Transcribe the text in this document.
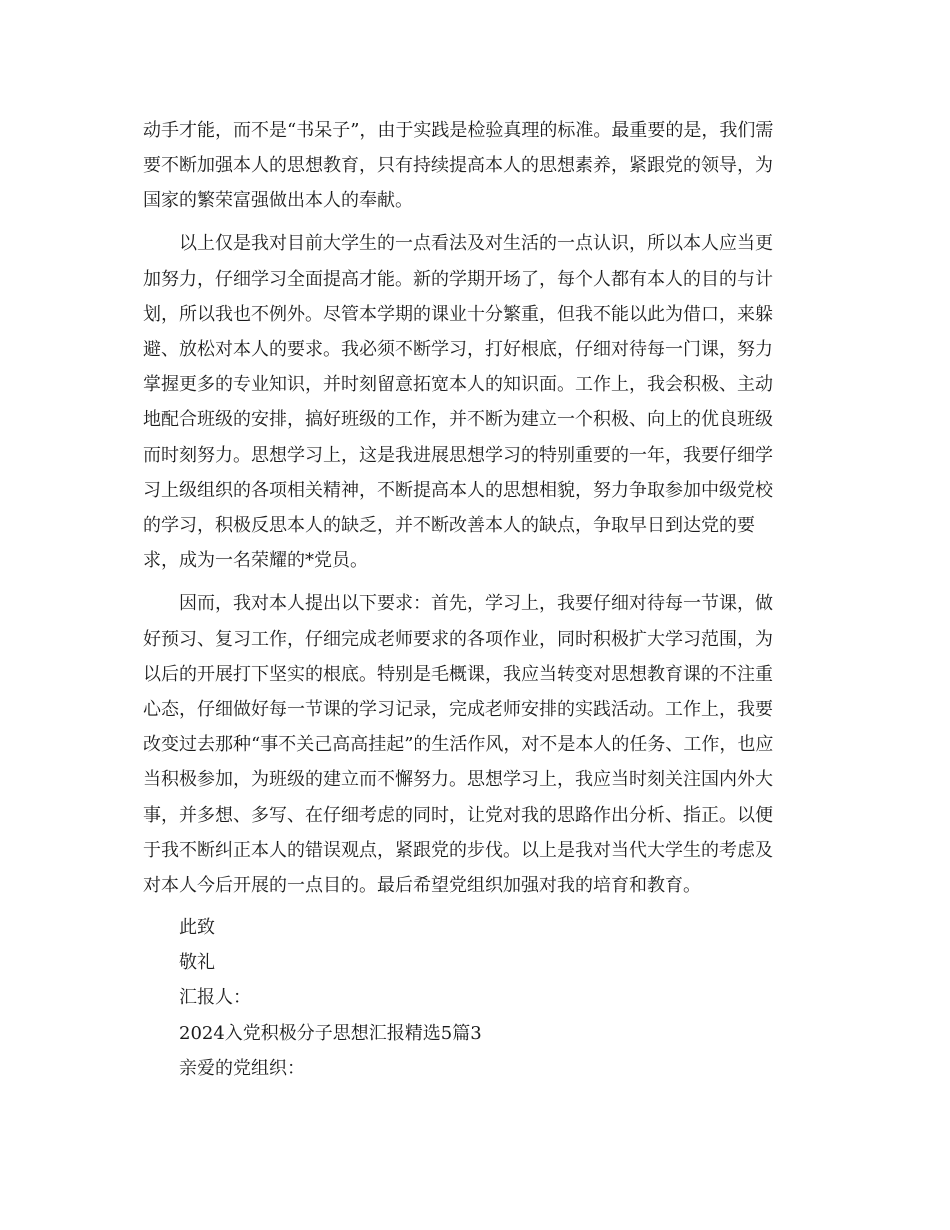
动手才能，而不是“书呆子”，由于实践是检验真理的标准。最重要的是，我们需
要不断加强本人的思想教育，只有持续提高本人的思想素养，紧跟党的领导，为
国家的繁荣富强做出本人的奉献。
以上仅是我对目前大学生的一点看法及对生活的一点认识，所以本人应当更
加努力，仔细学习全面提高才能。新的学期开场了，每个人都有本人的目的与计
划，所以我也不例外。尽管本学期的课业十分繁重，但我不能以此为借口，来躲
避、放松对本人的要求。我必须不断学习，打好根底，仔细对待每一门课，努力
掌握更多的专业知识，并时刻留意拓宽本人的知识面。工作上，我会积极、主动
地配合班级的安排，搞好班级的工作，并不断为建立一个积极、向上的优良班级
而时刻努力。思想学习上，这是我进展思想学习的特别重要的一年，我要仔细学
习上级组织的各项相关精神，不断提高本人的思想相貌，努力争取参加中级党校
的学习，积极反思本人的缺乏，并不断改善本人的缺点，争取早日到达党的要
求，成为一名荣耀的*党员。
因而，我对本人提出以下要求：首先，学习上，我要仔细对待每一节课，做
好预习、复习工作，仔细完成老师要求的各项作业，同时积极扩大学习范围，为
以后的开展打下坚实的根底。特别是毛概课，我应当转变对思想教育课的不注重
心态，仔细做好每一节课的学习记录，完成老师安排的实践活动。工作上，我要
改变过去那种“事不关己高高挂起”的生活作风，对不是本人的任务、工作，也应
当积极参加，为班级的建立而不懈努力。思想学习上，我应当时刻关注国内外大
事，并多想、多写、在仔细考虑的同时，让党对我的思路作出分析、指正。以便
于我不断纠正本人的错误观点，紧跟党的步伐。以上是我对当代大学生的考虑及
对本人今后开展的一点目的。最后希望党组织加强对我的培育和教育。
此致
敬礼
汇报人：
2024入党积极分子思想汇报精选5篇3
亲爱的党组织：
